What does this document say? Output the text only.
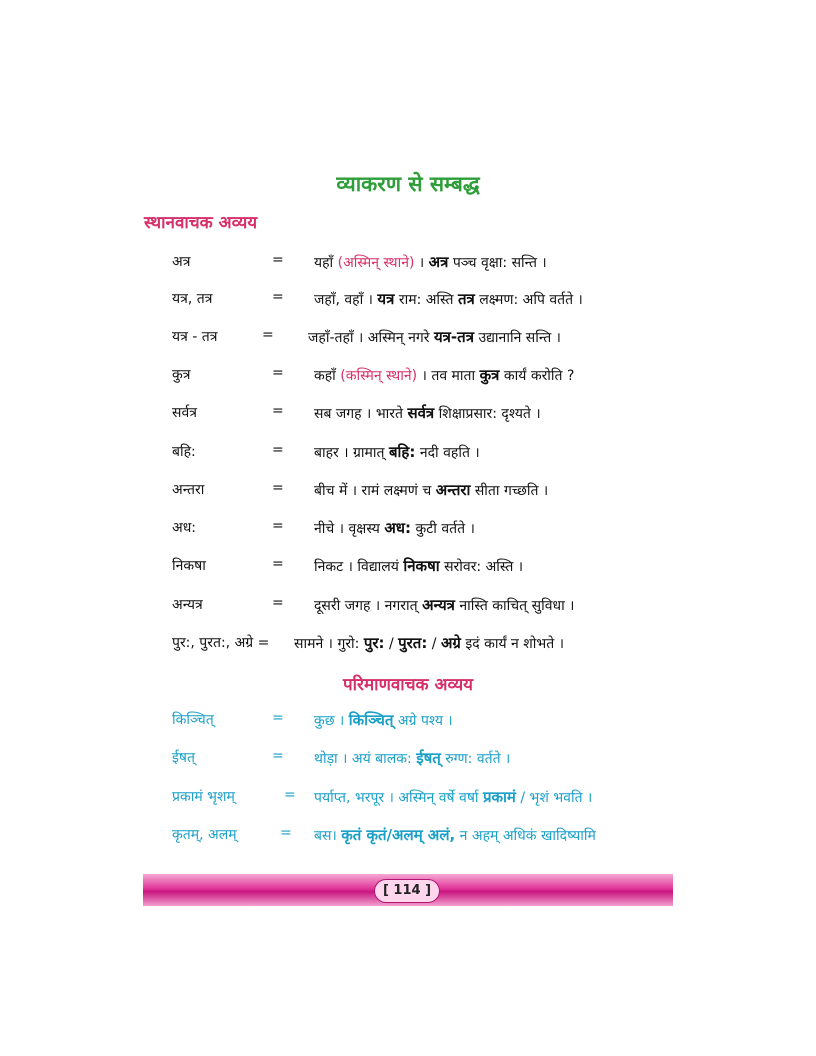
व्याकरण से सम्बद्ध
स्थानवाचक अव्यय
अत्र	= यहाँ (अस्मिन् स्थाने) । अत्र पञ्च वृक्षा: सन्ति ।
यत्र, तत्र	= जहाँ, वहाँ । यत्र राम: अस्ति तत्र लक्ष्मण: अपि वर्तते ।
यत्र - तत्र	= जहाँ-तहाँ । अस्मिन् नगरे यत्र-तत्र उद्यानानि सन्ति ।
कुत्र	= कहाँ (कस्मिन् स्थाने) । तव माता कुत्र कार्यं करोति ?
सर्वत्र	= सब जगह । भारते सर्वत्र शिक्षाप्रसार: दृश्यते ।
बहि:	= बाहर । ग्रामात् बहि: नदी वहति ।
अन्तरा	= बीच में । रामं लक्ष्मणं च अन्तरा सीता गच्छति ।
अध:	= नीचे । वृक्षस्य अध: कुटी वर्तते ।
निकषा	= निकट । विद्यालयं निकषा सरोवर: अस्ति ।
अन्यत्र	= दूसरी जगह । नगरात् अन्यत्र नास्ति काचित् सुविधा ।
पुर:, पुरत:, अग्रे = सामने । गुरो: पुर: / पुरत: / अग्रे इदं कार्यं न शोभते ।
परिमाणवाचक अव्यय
किञ्चित्	= कुछ । किञ्चित् अग्रे पश्य ।
ईषत्	= थोड़ा । अयं बालक: ईषत् रुग्ण: वर्तते ।
प्रकामं भृशम्	= पर्याप्त, भरपूर । अस्मिन् वर्षे वर्षा प्रकामं / भृशं भवति ।
कृतम्, अलम्	= बस। कृतं कृतं/अलम् अलं, न अहम् अधिकं खादिष्यामि
[ 114 ]
